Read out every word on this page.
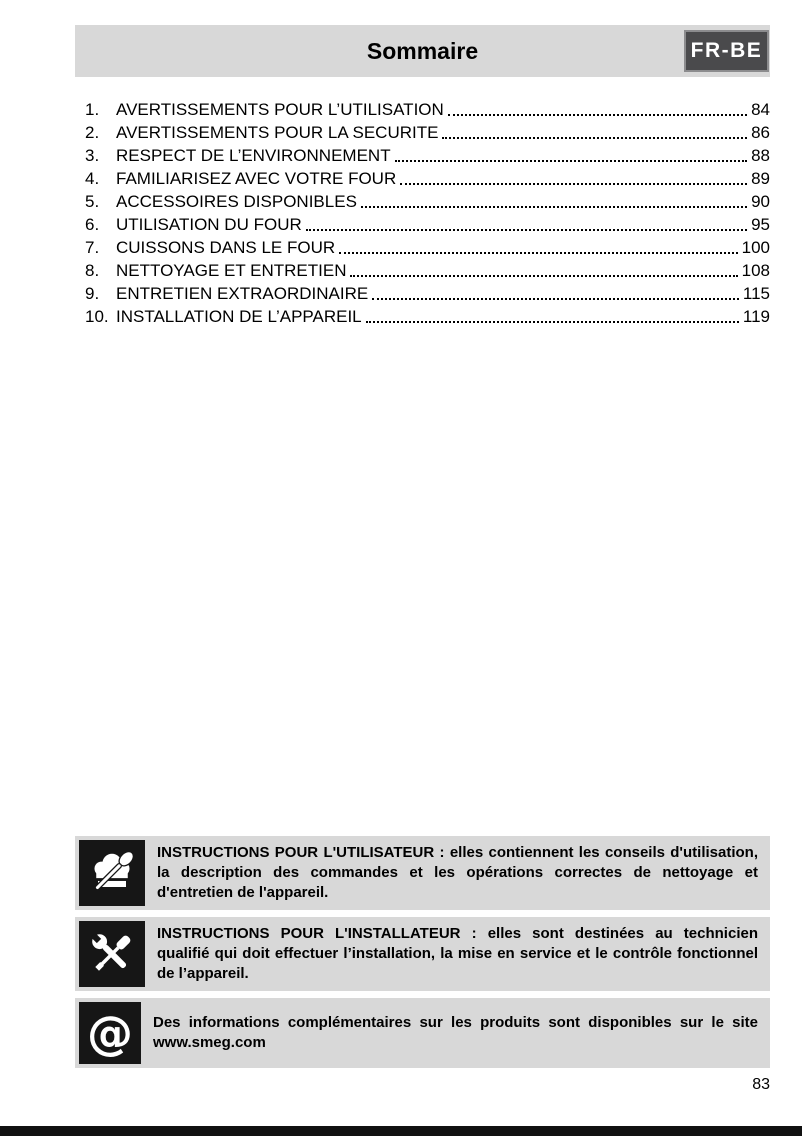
Sommaire	FR-BE
1. AVERTISSEMENTS POUR L’UTILISATION	84
2. AVERTISSEMENTS POUR LA SECURITE	86
3. RESPECT DE L’ENVIRONNEMENT	88
4. FAMILIARISEZ AVEC VOTRE FOUR	89
5. ACCESSOIRES DISPONIBLES	90
6. UTILISATION DU FOUR	95
7. CUISSONS DANS LE FOUR	100
8. NETTOYAGE ET ENTRETIEN	108
9. ENTRETIEN EXTRAORDINAIRE	115
10. INSTALLATION DE L’APPAREIL	119
INSTRUCTIONS POUR L'UTILISATEUR : elles contiennent les conseils d'utilisation, la description des commandes et les opérations correctes de nettoyage et d'entretien de l'appareil.
INSTRUCTIONS POUR L'INSTALLATEUR : elles sont destinées au technicien qualifié qui doit effectuer l’installation, la mise en service et le contrôle fonctionnel de l’appareil.
@ Des informations complémentaires sur les produits sont disponibles sur le site www.smeg.com
83
